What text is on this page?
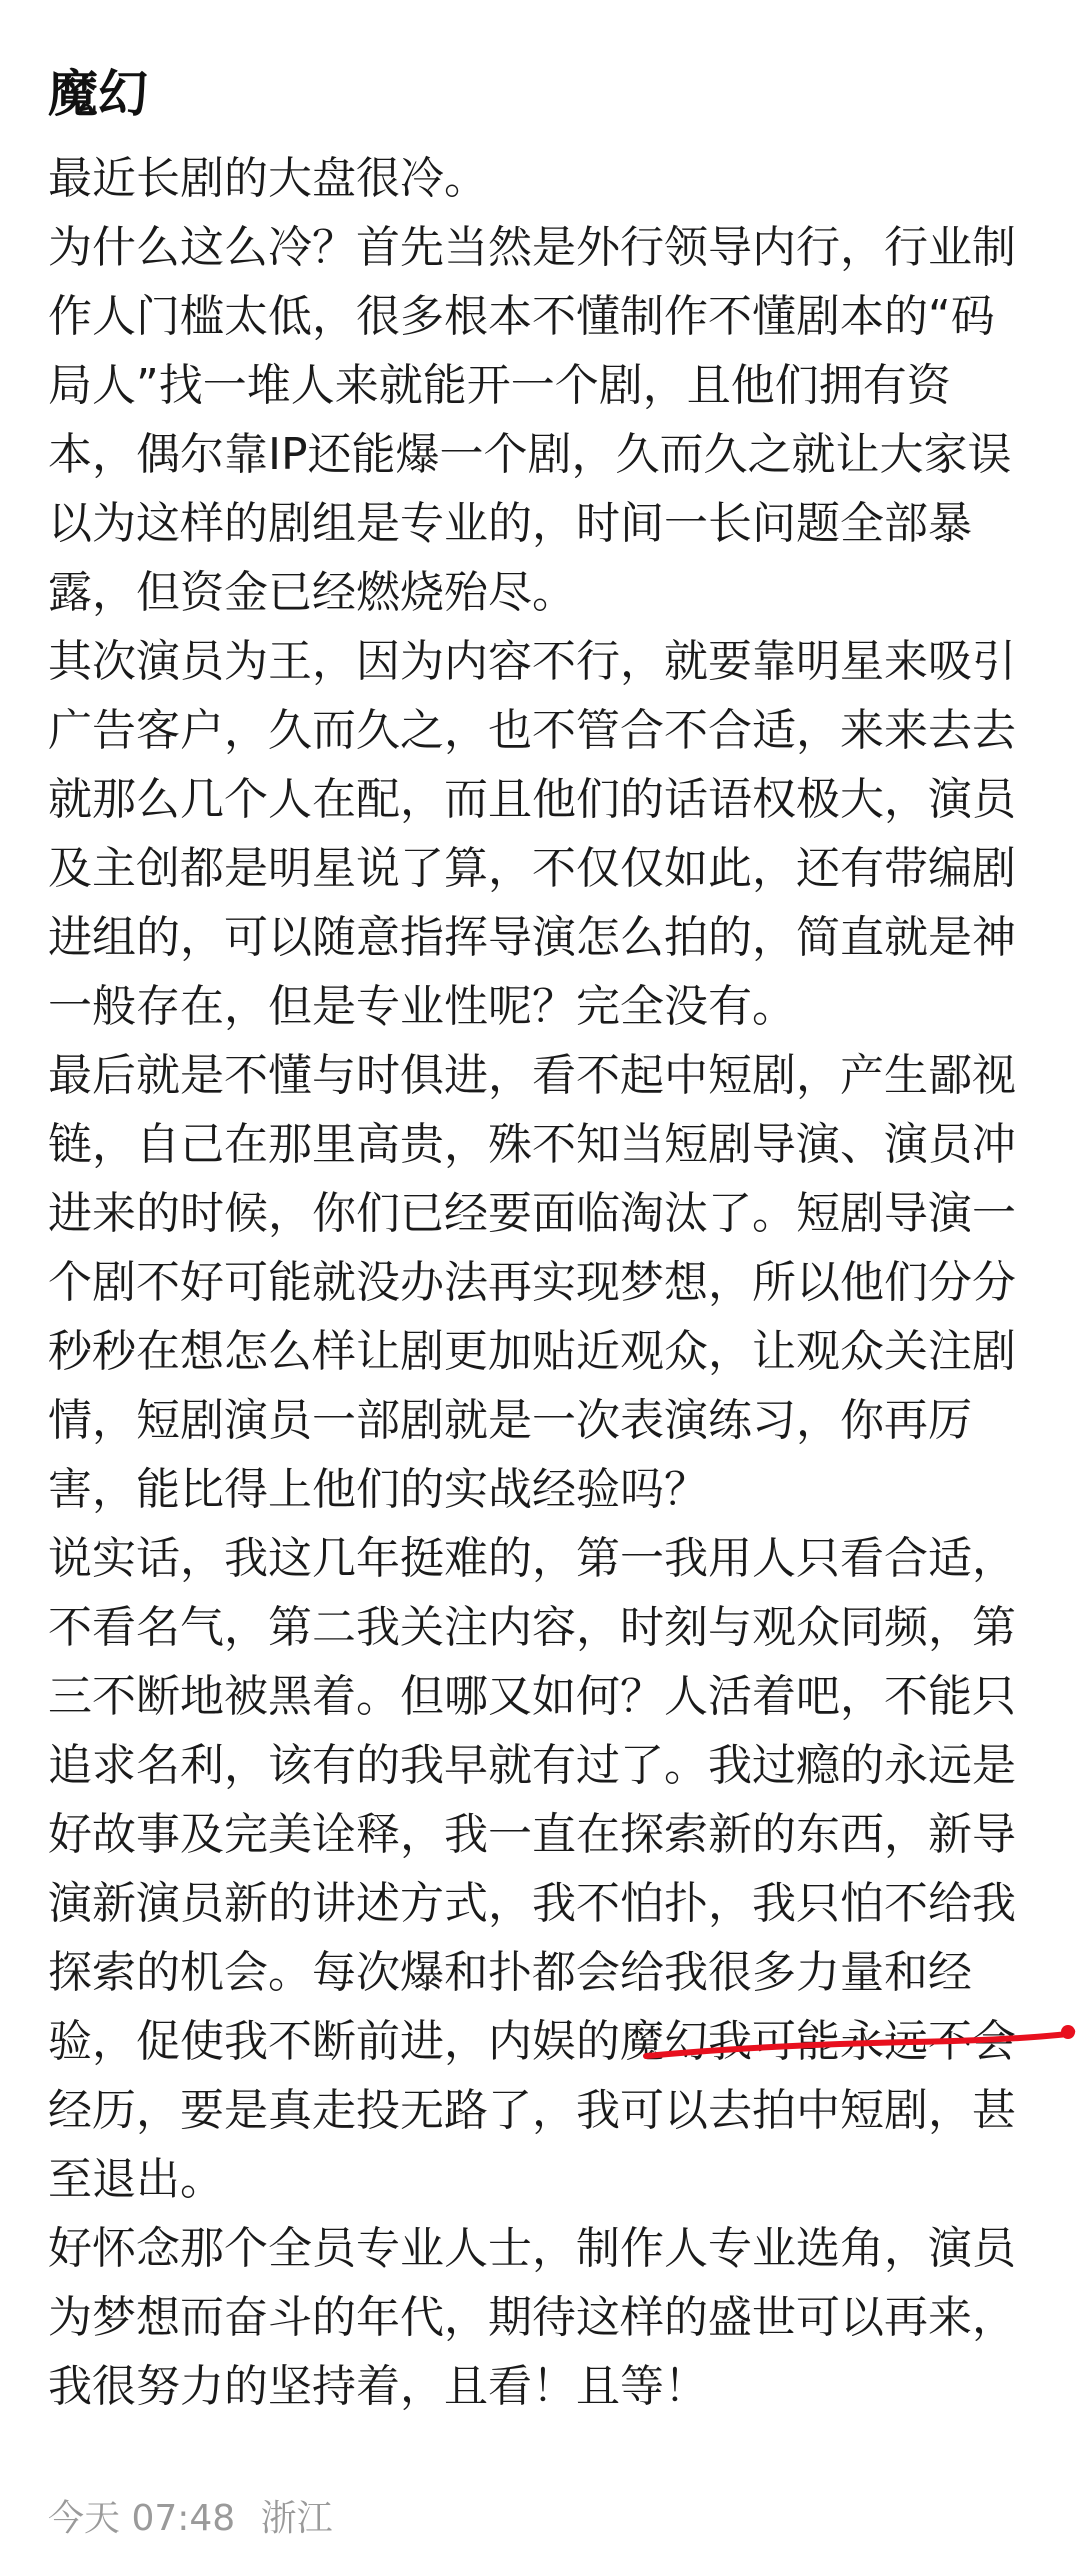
魔幻

最近长剧的大盘很冷。

为什么这么冷？首先当然是外行领导内行，行业制作人门槛太低，很多根本不懂制作不懂剧本的“码局人”找一堆人来就能开一个剧，且他们拥有资本，偶尔靠IP还能爆一个剧，久而久之就让大家误以为这样的剧组是专业的，时间一长问题全部暴露，但资金已经燃烧殆尽。

其次演员为王，因为内容不行，就要靠明星来吸引广告客户，久而久之，也不管合不合适，来来去去就那么几个人在配，而且他们的话语权极大，演员及主创都是明星说了算，不仅仅如此，还有带编剧进组的，可以随意指挥导演怎么拍的，简直就是神一般存在，但是专业性呢？完全没有。

最后就是不懂与时俱进，看不起中短剧，产生鄙视链，自己在那里高贵，殊不知当短剧导演、演员冲进来的时候，你们已经要面临淘汰了。短剧导演一个剧不好可能就没办法再实现梦想，所以他们分分秒秒在想怎么样让剧更加贴近观众，让观众关注剧情，短剧演员一部剧就是一次表演练习，你再厉害，能比得上他们的实战经验吗？

说实话，我这几年挺难的，第一我用人只看合适，不看名气，第二我关注内容，时刻与观众同频，第三不断地被黑着。但哪又如何？人活着吧，不能只追求名利，该有的我早就有过了。我过瘾的永远是好故事及完美诠释，我一直在探索新的东西，新导演新演员新的讲述方式，我不怕扑，我只怕不给我探索的机会。每次爆和扑都会给我很多力量和经验，促使我不断前进，内娱的魔幻我可能永远不会经历，要是真走投无路了，我可以去拍中短剧，甚至退出。

好怀念那个全员专业人士，制作人专业选角，演员为梦想而奋斗的年代，期待这样的盛世可以再来，我很努力的坚持着，且看！且等！

今天 07:48 浙江
